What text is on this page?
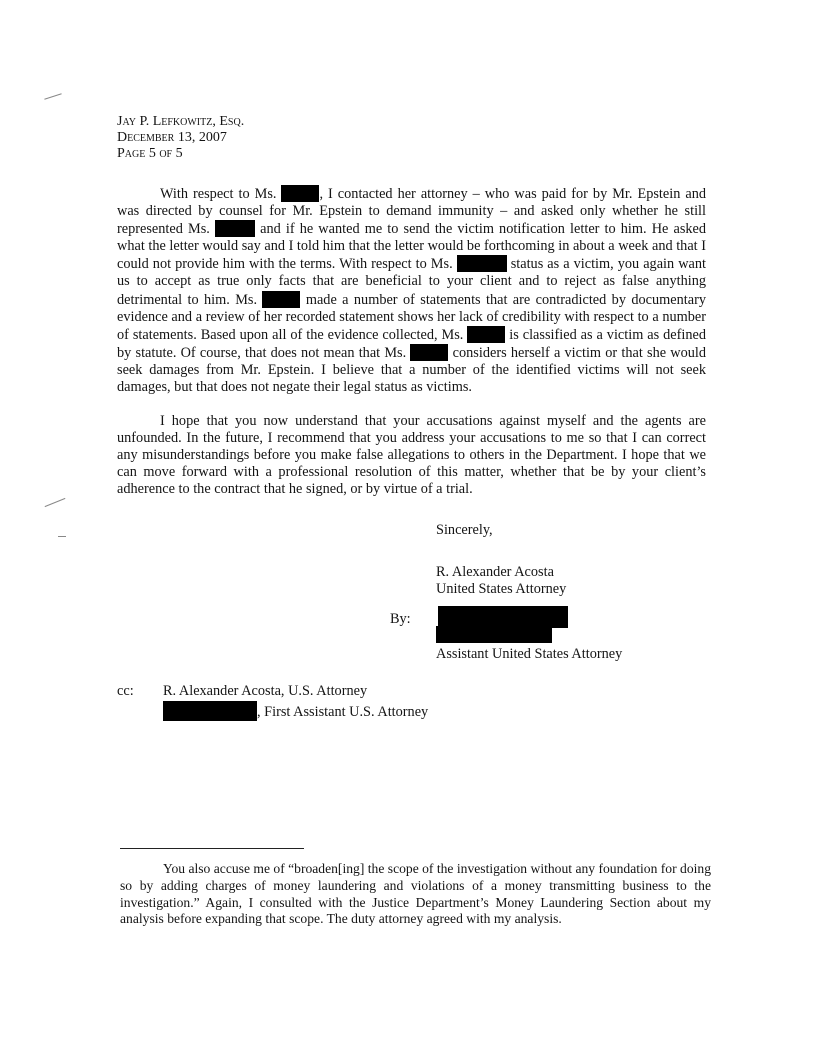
Jay P. Lefkowitz, Esq.
December 13, 2007
Page 5 of 5
With respect to Ms.	, I contacted her attorney – who was paid for by Mr. Epstein and was directed by counsel for Mr. Epstein to demand immunity – and asked only whether he still represented Ms.	and if he wanted me to send the victim notification letter to him. He asked what the letter would say and I told him that the letter would be forthcoming in about a week and that I could not provide him with the terms. With respect to Ms.	status as a victim, you again want us to accept as true only facts that are beneficial to your client and to reject as false anything detrimental to him. Ms.	made a number of statements that are contradicted by documentary evidence and a review of her recorded statement shows her lack of credibility with respect to a number of statements. Based upon all of the evidence collected, Ms.	is classified as a victim as defined by statute. Of course, that does not mean that Ms.	considers herself a victim or that she would seek damages from Mr. Epstein. I believe that a number of the identified victims will not seek damages, but that does not negate their legal status as victims.
I hope that you now understand that your accusations against myself and the agents are unfounded. In the future, I recommend that you address your accusations to me so that I can correct any misunderstandings before you make false allegations to others in the Department. I hope that we can move forward with a professional resolution of this matter, whether that be by your client’s adherence to the contract that he signed, or by virtue of a trial.
Sincerely,
R. Alexander Acosta
United States Attorney
By:
Assistant United States Attorney
cc: R. Alexander Acosta, U.S. Attorney
, First Assistant U.S. Attorney
You also accuse me of “broaden[ing] the scope of the investigation without any foundation for doing so by adding charges of money laundering and violations of a money transmitting business to the investigation.” Again, I consulted with the Justice Department’s Money Laundering Section about my analysis before expanding that scope. The duty attorney agreed with my analysis.
